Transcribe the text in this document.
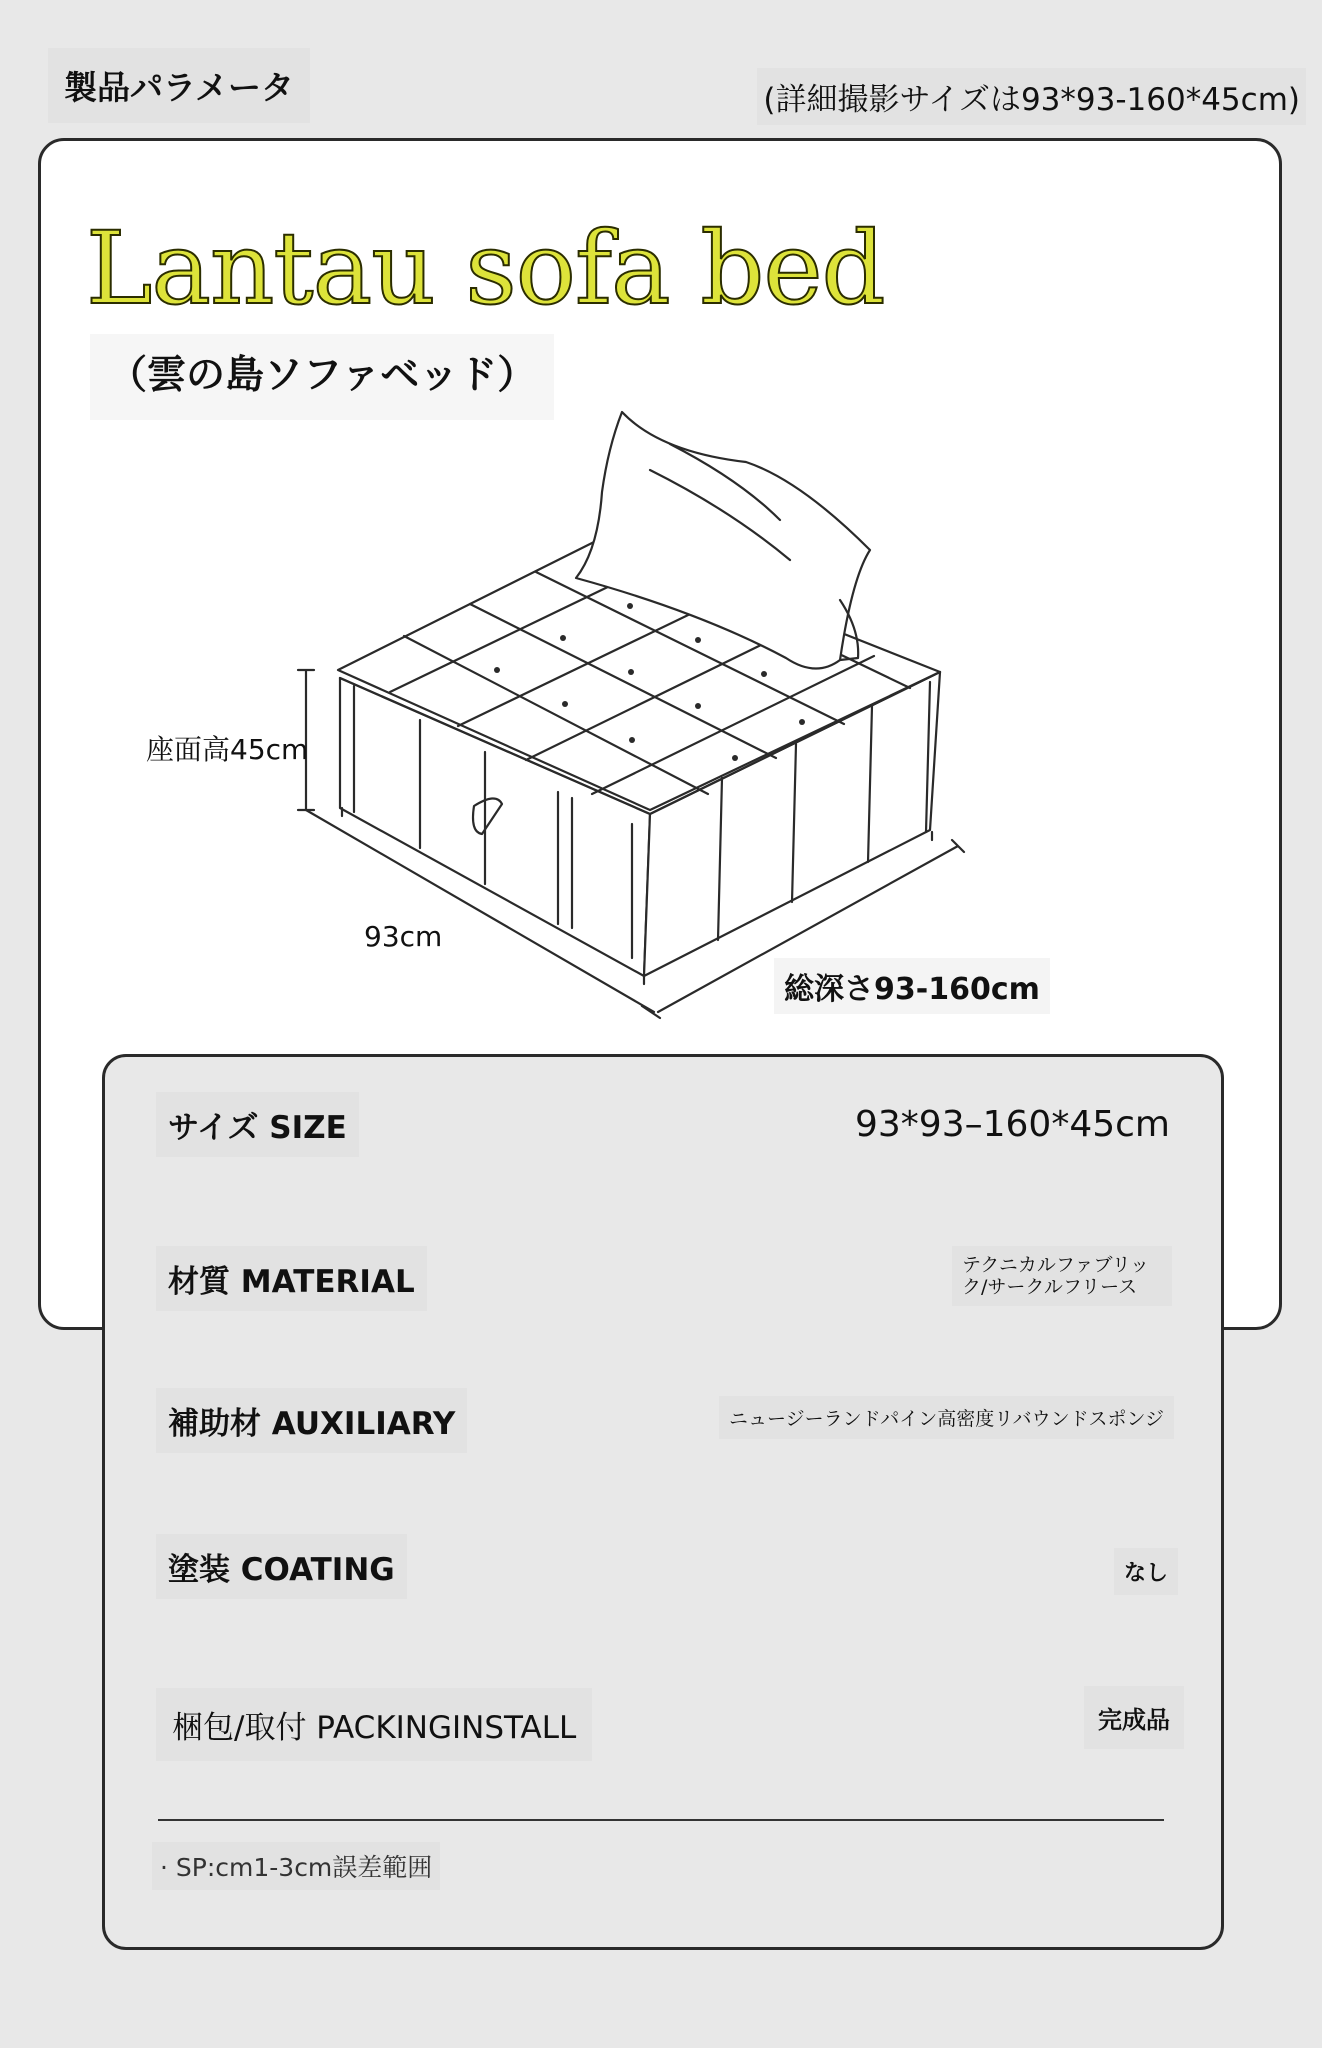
製品パラメータ	(詳細撮影サイズは93*93-160*45cm)
Lantau sofa bed
（雲の島ソファベッド）
座面高45cm
93cm
総深さ93-160cm
サイズ SIZE	93*93–160*45cm
材質 MATERIAL	テクニカルファブリック/サークルフリース
補助材 AUXILIARY	ニュージーランドパイン高密度リバウンドスポンジ
塗装 COATING	なし
梱包/取付 PACKINGINSTALL	完成品
· SP:cm1-3cm誤差範囲
